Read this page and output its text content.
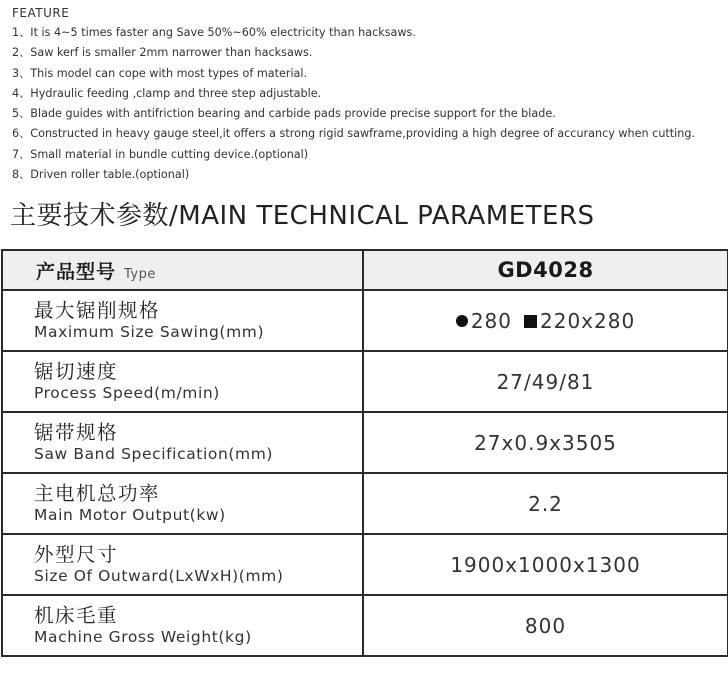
FEATURE
1、It is 4~5 times faster ang Save 50%~60% electricity than hacksaws.
2、Saw kerf is smaller 2mm narrower than hacksaws.
3、This model can cope with most types of material.
4、Hydraulic feeding ,clamp and three step adjustable.
5、Blade guides with antifriction bearing and carbide pads provide precise support for the blade.
6、Constructed in heavy gauge steel,it offers a strong rigid sawframe,providing a high degree of accurancy when cutting.
7、Small material in bundle cutting device.(optional)
8、Driven roller table.(optional)
主要技术参数/MAIN TECHNICAL PARAMETERS
产品型号 Type	GD4028

最大锯削规格
Maximum Size Sawing(mm)	280 220x280

锯切速度
Process Speed(m/min)	27/49/81

锯带规格
Saw Band Specification(mm)	27x0.9x3505

主电机总功率
Main Motor Output(kw)	2.2

外型尺寸
Size Of Outward(LxWxH)(mm)	1900x1000x1300

机床毛重
Machine Gross Weight(kg)	800
